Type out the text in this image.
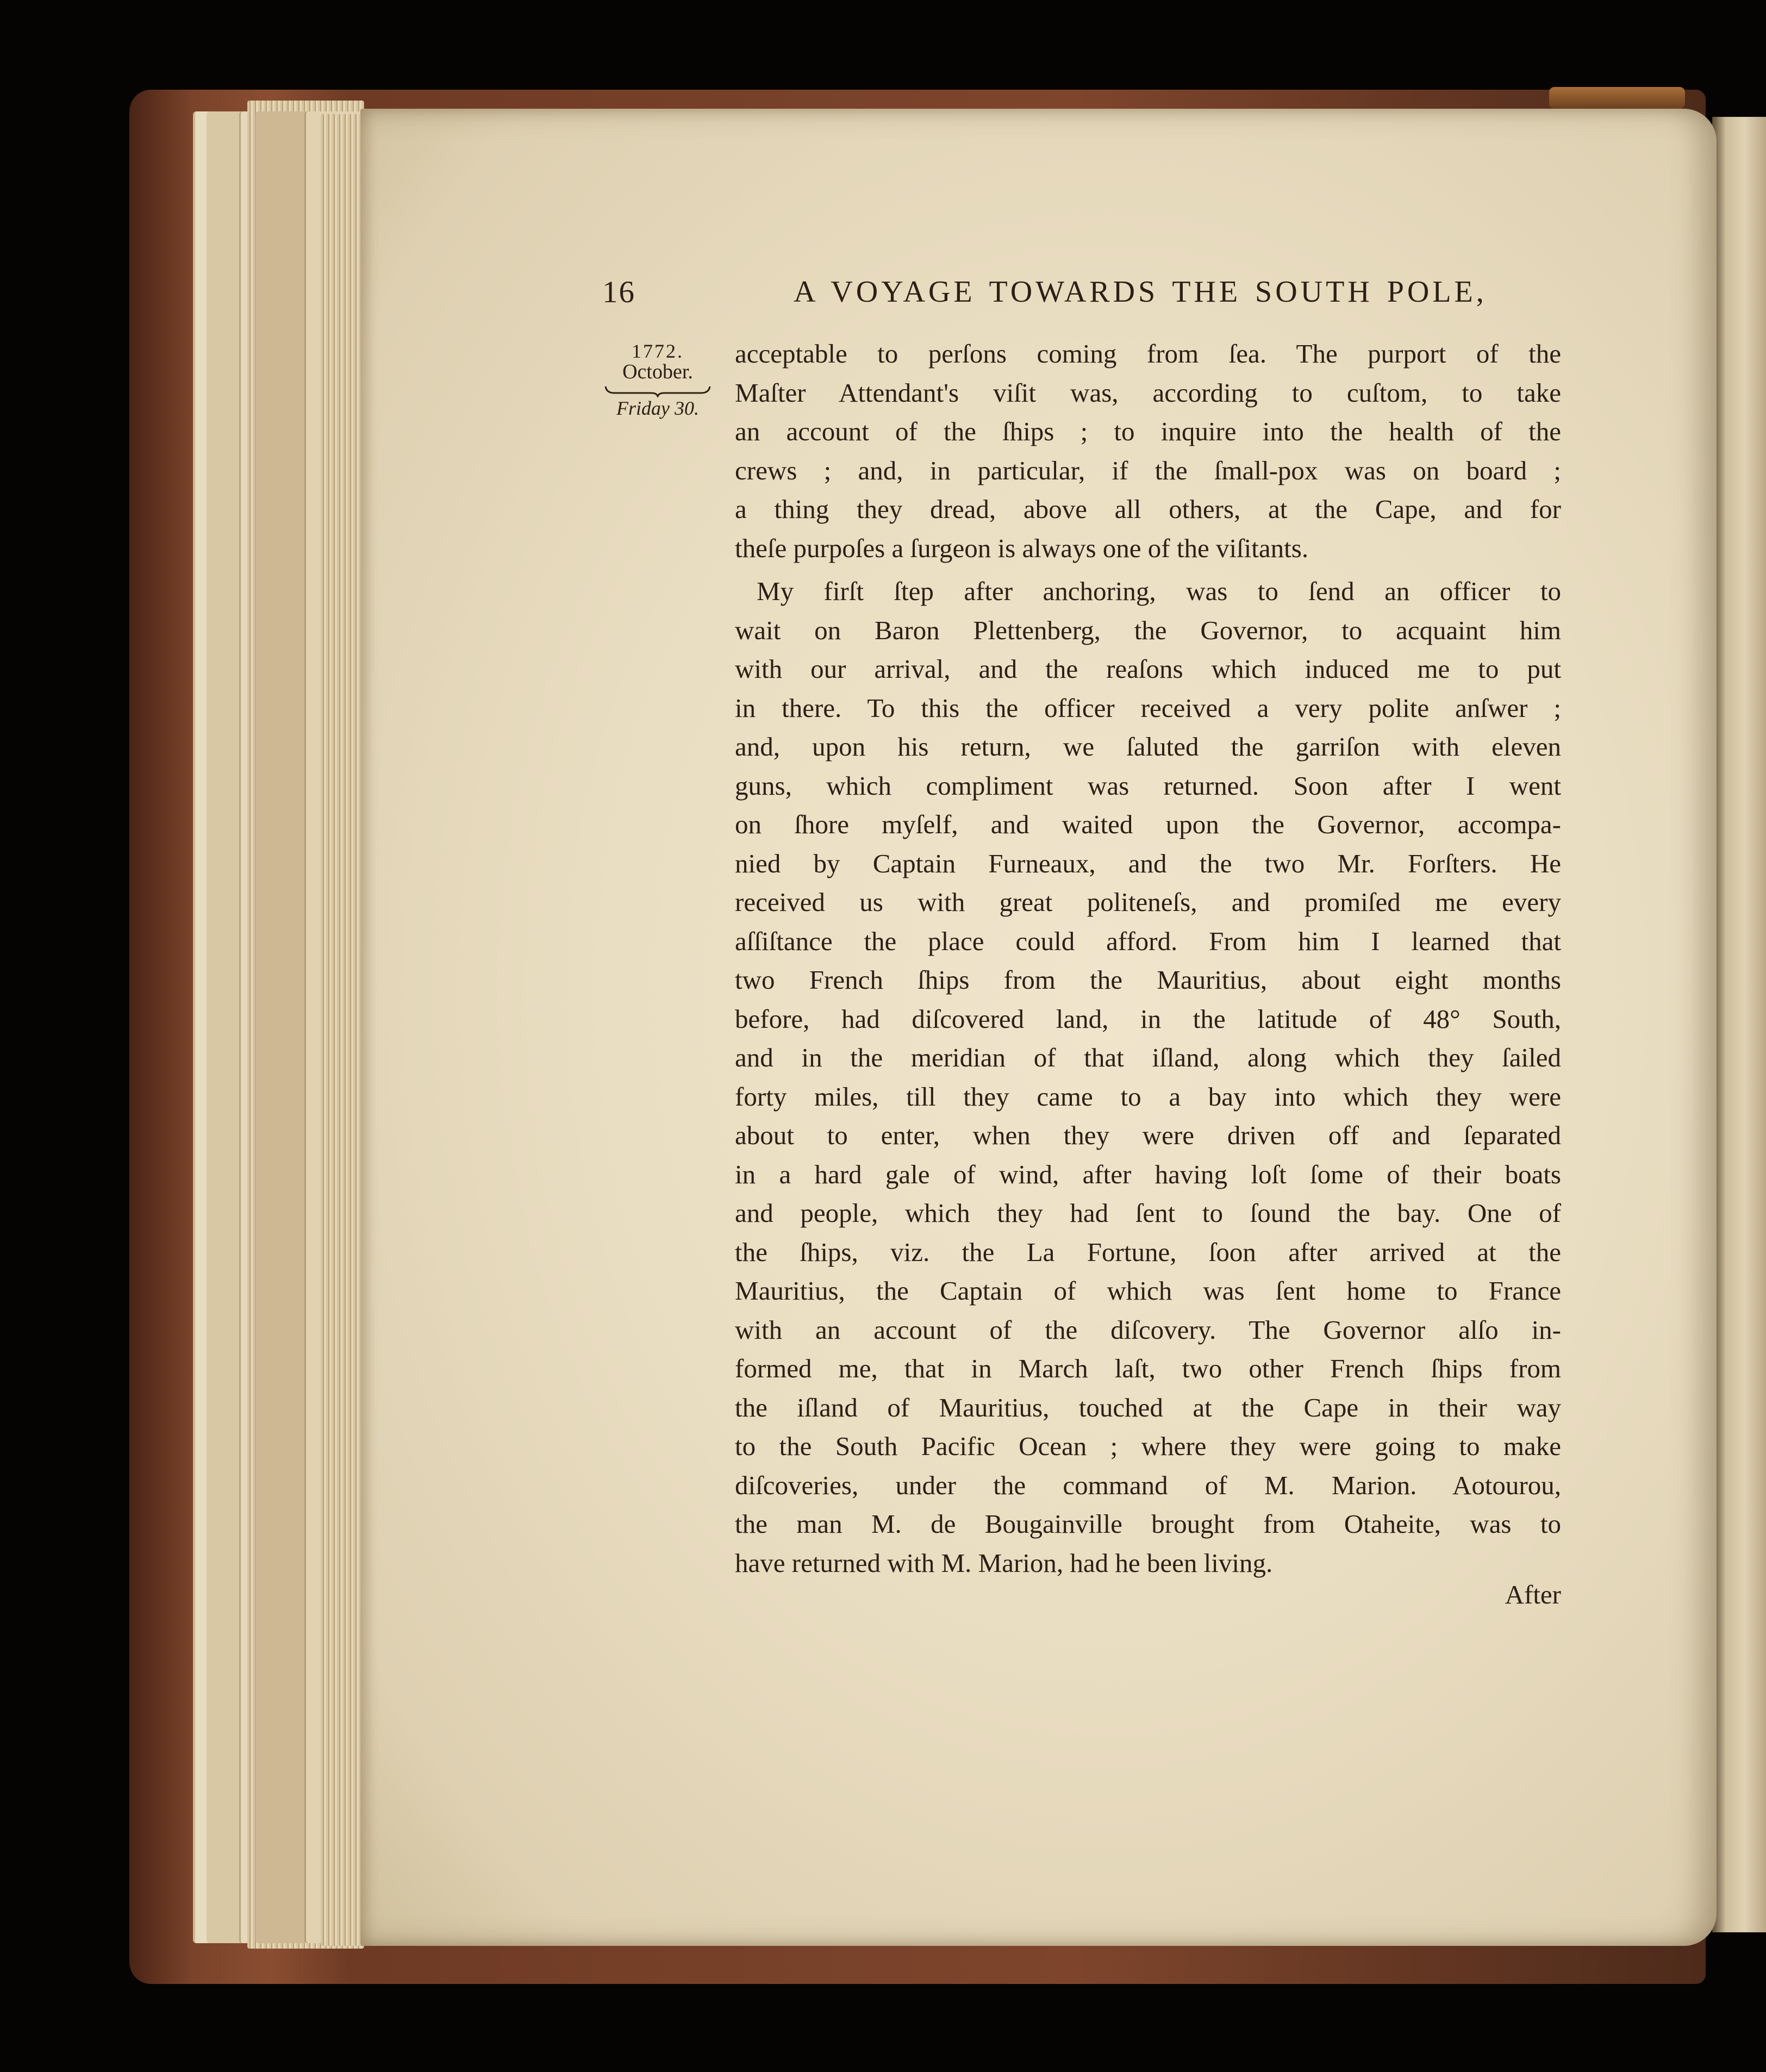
16	A VOYAGE TOWARDS THE SOUTH POLE,
1772.
October.
Friday 30.
acceptable to perſons coming from ſea. The purport of the
Maſter Attendant's viſit was, according to cuſtom, to take
an account of the ſhips ; to inquire into the health of the
crews ; and, in particular, if the ſmall-pox was on board ;
a thing they dread, above all others, at the Cape, and for
theſe purpoſes a ſurgeon is always one of the viſitants.
My firſt ſtep after anchoring, was to ſend an officer to
wait on Baron Plettenberg, the Governor, to acquaint him
with our arrival, and the reaſons which induced me to put
in there. To this the officer received a very polite anſwer ;
and, upon his return, we ſaluted the garriſon with eleven
guns, which compliment was returned. Soon after I went
on ſhore myſelf, and waited upon the Governor, accompa-
nied by Captain Furneaux, and the two Mr. Forſters. He
received us with great politeneſs, and promiſed me every
aſſiſtance the place could afford. From him I learned that
two French ſhips from the Mauritius, about eight months
before, had diſcovered land, in the latitude of 48° South,
and in the meridian of that iſland, along which they ſailed
forty miles, till they came to a bay into which they were
about to enter, when they were driven off and ſeparated
in a hard gale of wind, after having loſt ſome of their boats
and people, which they had ſent to ſound the bay. One of
the ſhips, viz. the La Fortune, ſoon after arrived at the
Mauritius, the Captain of which was ſent home to France
with an account of the diſcovery. The Governor alſo in-
formed me, that in March laſt, two other French ſhips from
the iſland of Mauritius, touched at the Cape in their way
to the South Pacific Ocean ; where they were going to make
diſcoveries, under the command of M. Marion. Aotourou,
the man M. de Bougainville brought from Otaheite, was to
have returned with M. Marion, had he been living.
After
